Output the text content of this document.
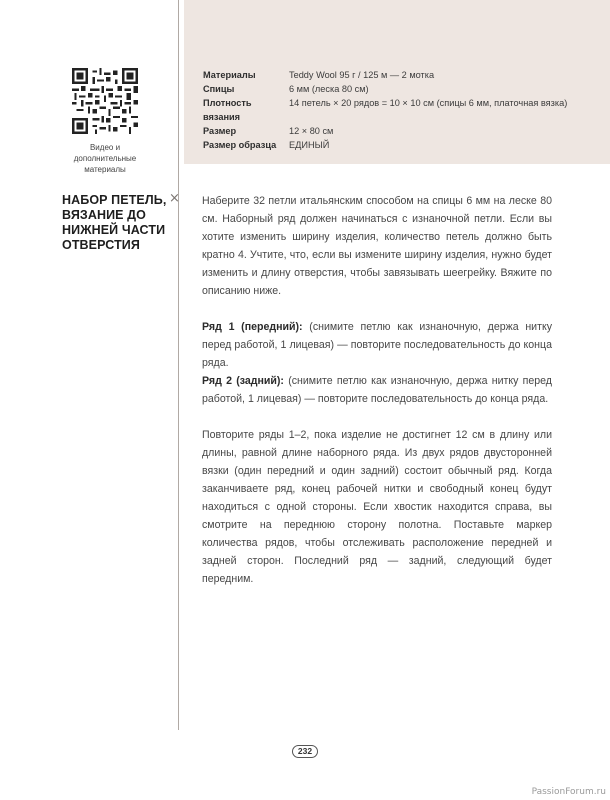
Видео и дополнительные материалы
Материалы	Teddy Wool 95 г / 125 м — 2 мотка
Спицы	6 мм (леска 80 см)
Плотность вязания	14 петель × 20 рядов = 10 × 10 см (спицы 6 мм, платочная вязка)
Размер	12 × 80 см
Размер образца	ЕДИНЫЙ
НАБОР ПЕТЕЛЬ, ВЯЗАНИЕ ДО НИЖНЕЙ ЧАСТИ ОТВЕРСТИЯ
× Наберите 32 петли итальянским способом на спицы 6 мм на леске 80 см. Наборный ряд должен начинаться с изнаночной петли. Если вы хотите изменить ширину изделия, количество петель должно быть кратно 4. Учтите, что, если вы измените ширину изделия, нужно будет изменить и длину отверстия, чтобы завязывать шеегрейку. Вяжите по описанию ниже.

Ряд 1 (передний): (снимите петлю как изнаночную, держа нитку перед работой, 1 лицевая) — повторите последовательность до конца ряда.

Ряд 2 (задний): (снимите петлю как изнаночную, держа нитку перед работой, 1 лицевая) — повторите последовательность до конца ряда.

Повторите ряды 1–2, пока изделие не достигнет 12 см в длину или длины, равной длине наборного ряда. Из двух рядов двусторонней вязки (один передний и один задний) состоит обычный ряд. Когда заканчиваете ряд, конец рабочей нитки и свободный конец будут находиться с одной стороны. Если хвостик находится справа, вы смотрите на переднюю сторону полотна. Поставьте маркер количества рядов, чтобы отслеживать расположение передней и задней сторон. Последний ряд — задний, следующий будет передним.

232
PassionForum.ru
